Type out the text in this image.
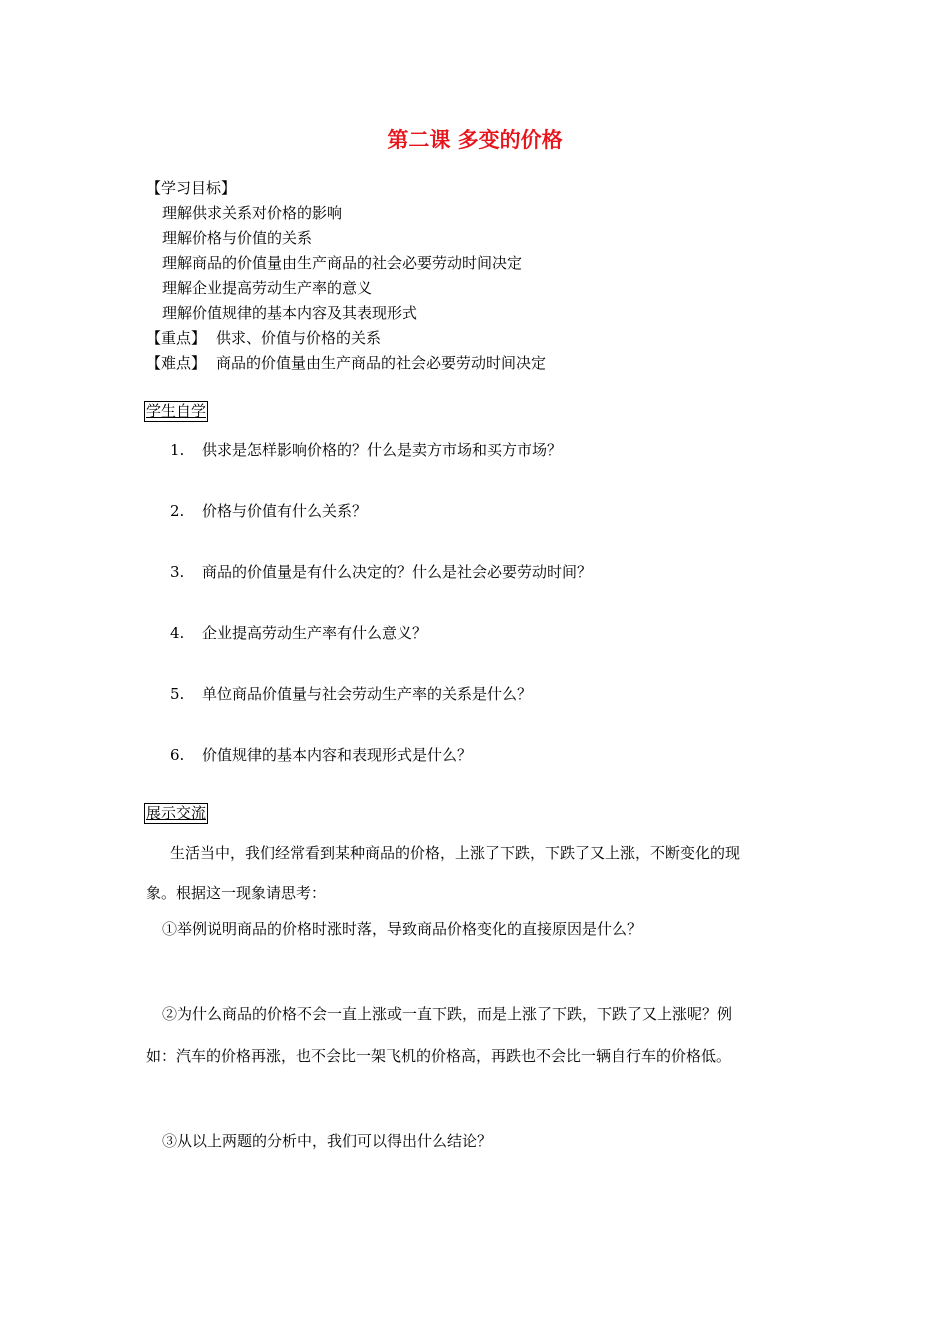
第二课 多变的价格
【学习目标】
理解供求关系对价格的影响
理解价格与价值的关系
理解商品的价值量由生产商品的社会必要劳动时间决定
理解企业提高劳动生产率的意义
理解价值规律的基本内容及其表现形式
【重点】 供求、价值与价格的关系
【难点】 商品的价值量由生产商品的社会必要劳动时间决定
学生自学
1. 供求是怎样影响价格的？什么是卖方市场和买方市场？
2. 价格与价值有什么关系？
3. 商品的价值量是有什么决定的？什么是社会必要劳动时间？
4. 企业提高劳动生产率有什么意义？
5. 单位商品价值量与社会劳动生产率的关系是什么？
6. 价值规律的基本内容和表现形式是什么？
展示交流
生活当中，我们经常看到某种商品的价格，上涨了下跌，下跌了又上涨，不断变化的现
象。根据这一现象请思考：
①举例说明商品的价格时涨时落，导致商品价格变化的直接原因是什么？
②为什么商品的价格不会一直上涨或一直下跌，而是上涨了下跌，下跌了又上涨呢？例
如：汽车的价格再涨，也不会比一架飞机的价格高，再跌也不会比一辆自行车的价格低。
③从以上两题的分析中，我们可以得出什么结论？
